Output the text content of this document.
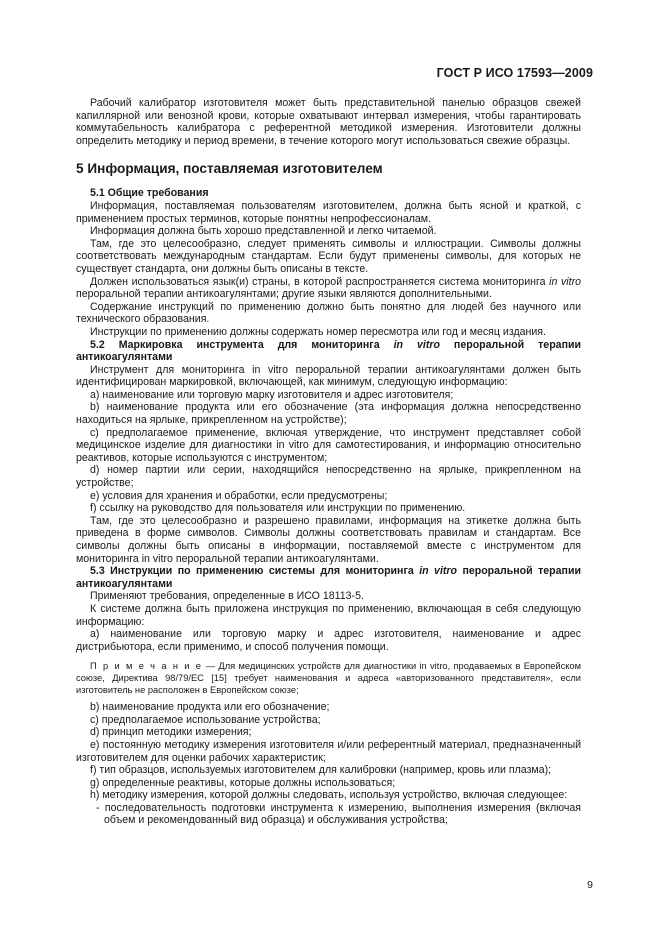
ГОСТ Р ИСО 17593—2009

Рабочий калибратор изготовителя может быть представительной панелью образцов свежей капиллярной или венозной крови, которые охватывают интервал измерения, чтобы гарантировать коммутабельность калибратора с референтной методикой измерения. Изготовители должны определить методику и период времени, в течение которого могут использоваться свежие образцы.

5 Информация, поставляемая изготовителем

5.1 Общие требования

Информация, поставляемая пользователям изготовителем, должна быть ясной и краткой, с применением простых терминов, которые понятны непрофессионалам.

Информация должна быть хорошо представленной и легко читаемой.

Там, где это целесообразно, следует применять символы и иллюстрации. Символы должны соответствовать международным стандартам. Если будут применены символы, для которых не существует стандарта, они должны быть описаны в тексте.

Должен использоваться язык(и) страны, в которой распространяется система мониторинга in vitro пероральной терапии антикоагулянтами; другие языки являются дополнительными.

Содержание инструкций по применению должно быть понятно для людей без научного или технического образования.

Инструкции по применению должны содержать номер пересмотра или год и месяц издания.

5.2 Маркировка инструмента для мониторинга in vitro пероральной терапии антикоагулянтами

Инструмент для мониторинга in vitro пероральной терапии антикоагулянтами должен быть идентифицирован маркировкой, включающей, как минимум, следующую информацию:

а) наименование или торговую марку изготовителя и адрес изготовителя;

b) наименование продукта или его обозначение (эта информация должна непосредственно находиться на ярлыке, прикрепленном на устройстве);

c) предполагаемое применение, включая утверждение, что инструмент представляет собой медицинское изделие для диагностики in vitro для самотестирования, и информацию относительно реактивов, которые используются с инструментом;

d) номер партии или серии, находящийся непосредственно на ярлыке, прикрепленном на устройстве;

е) условия для хранения и обработки, если предусмотрены;

f) ссылку на руководство для пользователя или инструкции по применению.

Там, где это целесообразно и разрешено правилами, информация на этикетке должна быть приведена в форме символов. Символы должны соответствовать правилам и стандартам. Все символы должны быть описаны в информации, поставляемой вместе с инструментом для мониторинга in vitro пероральной терапии антикоагулянтами.

5.3 Инструкции по применению системы для мониторинга in vitro пероральной терапии антикоагулянтами

Применяют требования, определенные в ИСО 18113-5.

К системе должна быть приложена инструкция по применению, включающая в себя следующую информацию:

а) наименование или торговую марку и адрес изготовителя, наименование и адрес дистрибьютора, если применимо, и способ получения помощи.

П р и м е ч а н и е — Для медицинских устройств для диагностики in vitro, продаваемых в Европейском союзе, Директива 98/79/ЕС [15] требует наименования и адреса «авторизованного представителя», если изготовитель не расположен в Европейском союзе;

b) наименование продукта или его обозначение;

c) предполагаемое использование устройства;

d) принцип методики измерения;

е) постоянную методику измерения изготовителя и/или референтный материал, предназначенный изготовителем для оценки рабочих характеристик;

f) тип образцов, используемых изготовителем для калибровки (например, кровь или плазма);

g) определенные реактивы, которые должны использоваться;

h) методику измерения, которой должны следовать, используя устройство, включая следующее:

- последовательность подготовки инструмента к измерению, выполнения измерения (включая объем и рекомендованный вид образца) и обслуживания устройства;

9
